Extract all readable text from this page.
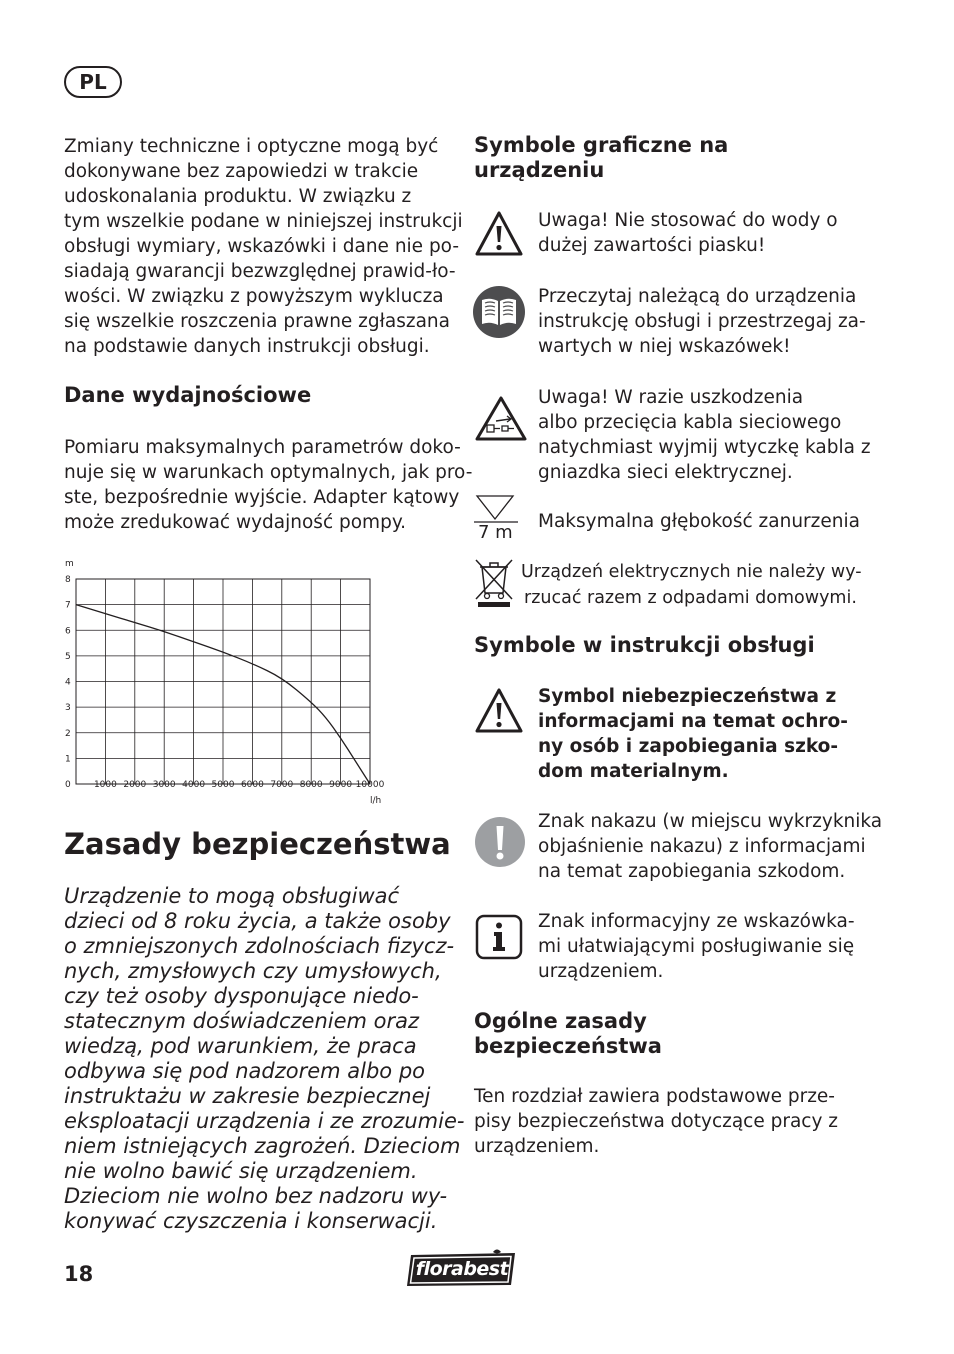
PL

Zmiany techniczne i optyczne mogą być
dokonywane bez zapowiedzi w trakcie
udoskonalania produktu. W związku z
tym wszelkie podane w niniejszej instrukcji
obsługi wymiary, wskazówki i dane nie po-
siadają gwarancji bezwzględnej prawid-ło-
wości. W związku z powyższym wyklucza
się wszelkie roszczenia prawne zgłaszana
na podstawie danych instrukcji obsługi.

Dane wydajnościowe

Pomiaru maksymalnych parametrów doko-
nuje się w warunkach optymalnych, jak pro-
ste, bezpośrednie wyjście. Adapter kątowy
może zredukować wydajność pompy.

m
l/h
8
7
6
5
4
3
2
1
0	1000 2000 3000 4000 5000 6000 7000 8000 9000 10000
Zasady bezpieczeństwa

Urządzenie to mogą obsługiwać
dzieci od 8 roku życia, a także osoby
o zmniejszonych zdolnościach fizycz-
nych, zmysłowych czy umysłowych,
czy też osoby dysponujące niedo-
statecznym doświadczeniem oraz
wiedzą, pod warunkiem, że praca
odbywa się pod nadzorem albo po
instruktażu w zakresie bezpiecznej
eksploatacji urządzenia i ze zrozumie-
niem istniejących zagrożeń. Dzieciom
nie wolno bawić się urządzeniem.
Dzieciom nie wolno bez nadzoru wy-
konywać czyszczenia i konserwacji.

Symbole graficzne na
urządzeniu
Uwaga! Nie stosować do wody o
dużej zawartości piasku!
Przeczytaj należącą do urządzenia
instrukcję obsługi i przestrzegaj za-
wartych w niej wskazówek!
Uwaga! W razie uszkodzenia
albo przecięcia kabla sieciowego
natychmiast wyjmij wtyczkę kabla z
gniazdka sieci elektrycznej.
7 m
Maksymalna głębokość zanurzenia
Urządzeń elektrycznych nie należy wy-
rzucać razem z odpadami domowymi.
Symbole w instrukcji obsługi
Symbol niebezpieczeństwa z
informacjami na temat ochro-
ny osób i zapobiegania szko-
dom materialnym.
Znak nakazu (w miejscu wykrzyknika
objaśnienie nakazu) z informacjami
na temat zapobiegania szkodom.
Znak informacyjny ze wskazówka-
mi ułatwiającymi posługiwanie się
urządzeniem.
Ogólne zasady
bezpieczeństwa
Ten rozdział zawiera podstawowe prze-
pisy bezpieczeństwa dotyczące pracy z
urządzeniem.
18	florabest
